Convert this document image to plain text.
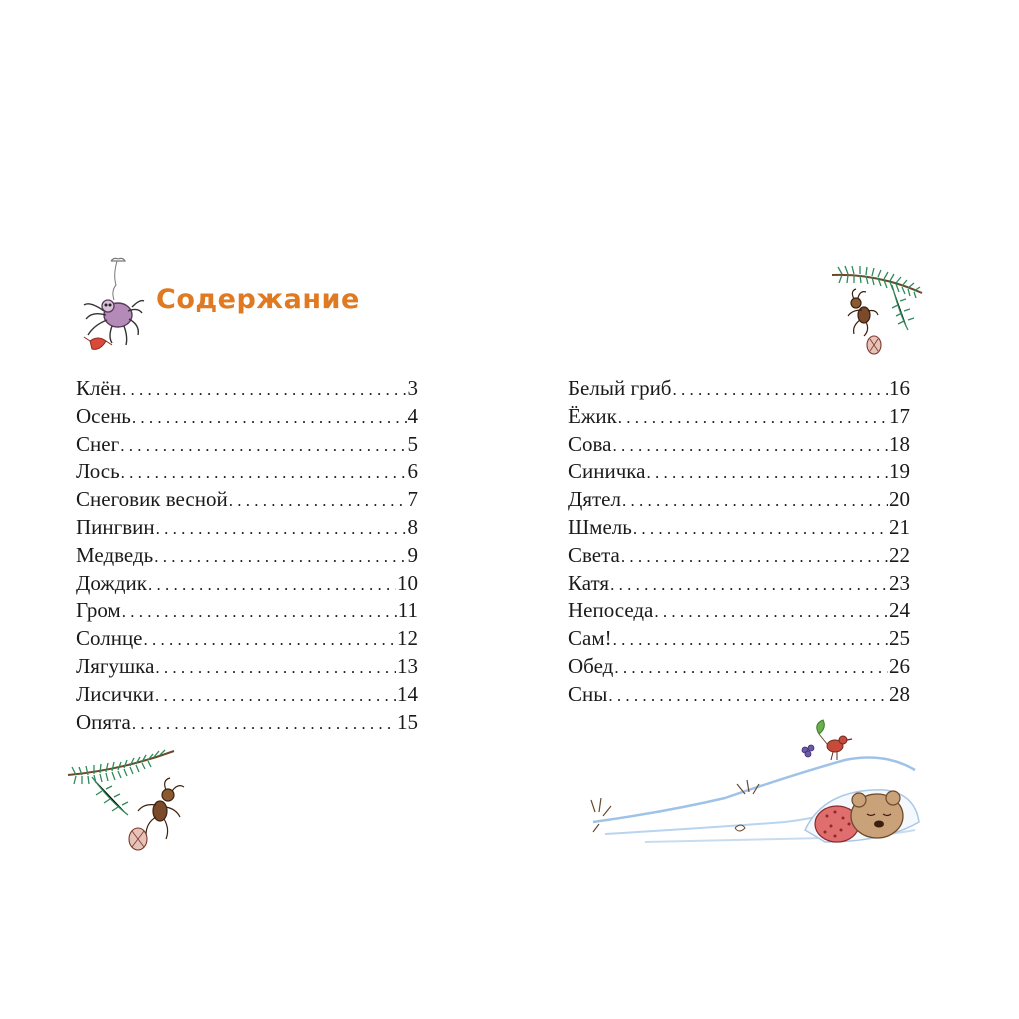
Содержание
Клён . . .	3
Осень . . .	4
Снег . . .	5
Лось . . .	6
Снеговик весной . . .	7
Пингвин . . .	8
Медведь . . .	9
Дождик . . .	10
Гром . . .	11
Солнце . . .	12
Лягушка . . .	13
Лисички . . .	14
Опята . . .	15
Белый гриб . . .	16
Ёжик . . .	17
Сова . . .	18
Синичка . . .	19
Дятел . . .	20
Шмель . . .	21
Света . . .	22
Катя . . .	23
Непоседа . . .	24
Сам! . . .	25
Обед . . .	26
Сны . . .	28
